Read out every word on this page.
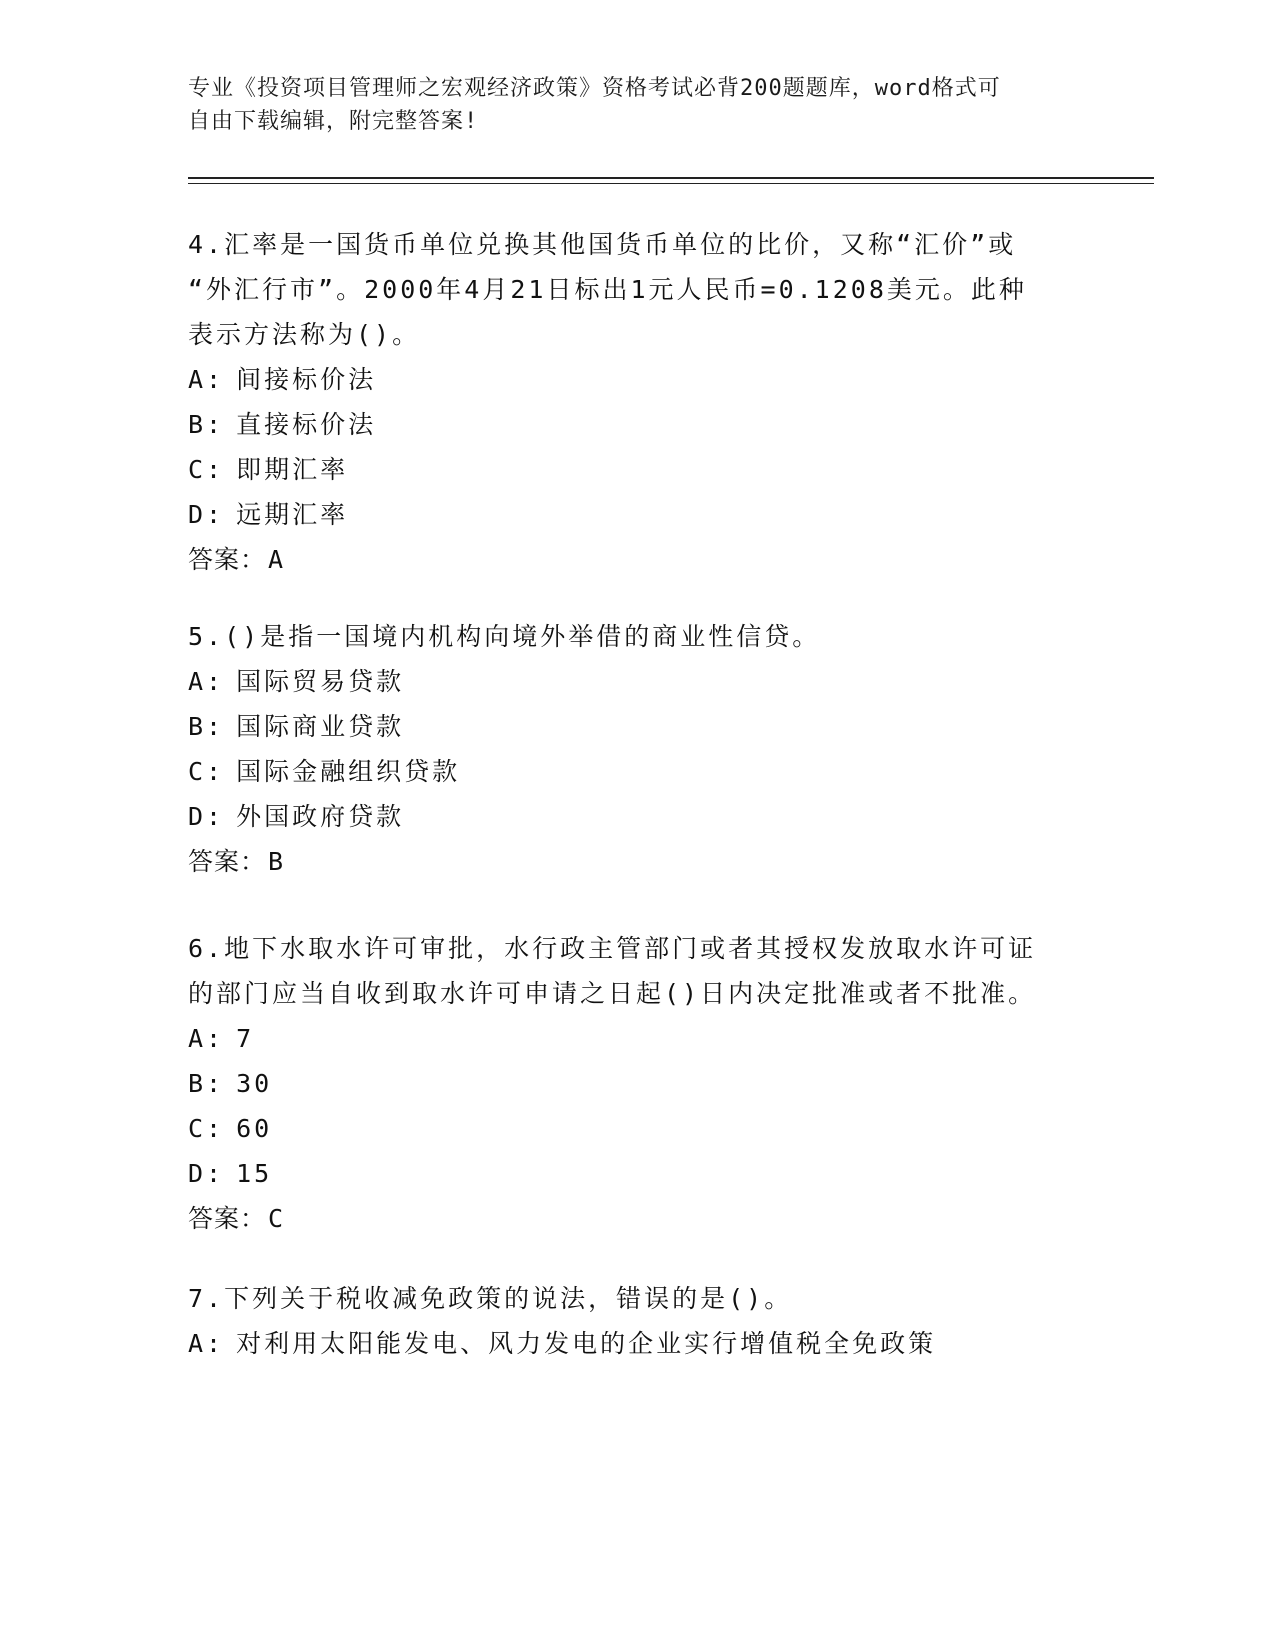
专业《投资项目管理师之宏观经济政策》资格考试必背200题题库，word格式可
自由下载编辑，附完整答案!
4.汇率是一国货币单位兑换其他国货币单位的比价，又称“汇价”或
“外汇行市”。2000年4月21日标出1元人民币=0.1208美元。此种
表示方法称为()。
A: 间接标价法
B: 直接标价法
C: 即期汇率
D: 远期汇率
答案：A
5.()是指一国境内机构向境外举借的商业性信贷。
A: 国际贸易贷款
B: 国际商业贷款
C: 国际金融组织贷款
D: 外国政府贷款
答案：B
6.地下水取水许可审批，水行政主管部门或者其授权发放取水许可证
的部门应当自收到取水许可申请之日起()日内决定批准或者不批准。
A: 7
B: 30
C: 60
D: 15
答案：C
7.下列关于税收减免政策的说法，错误的是()。
A: 对利用太阳能发电、风力发电的企业实行增值税全免政策
